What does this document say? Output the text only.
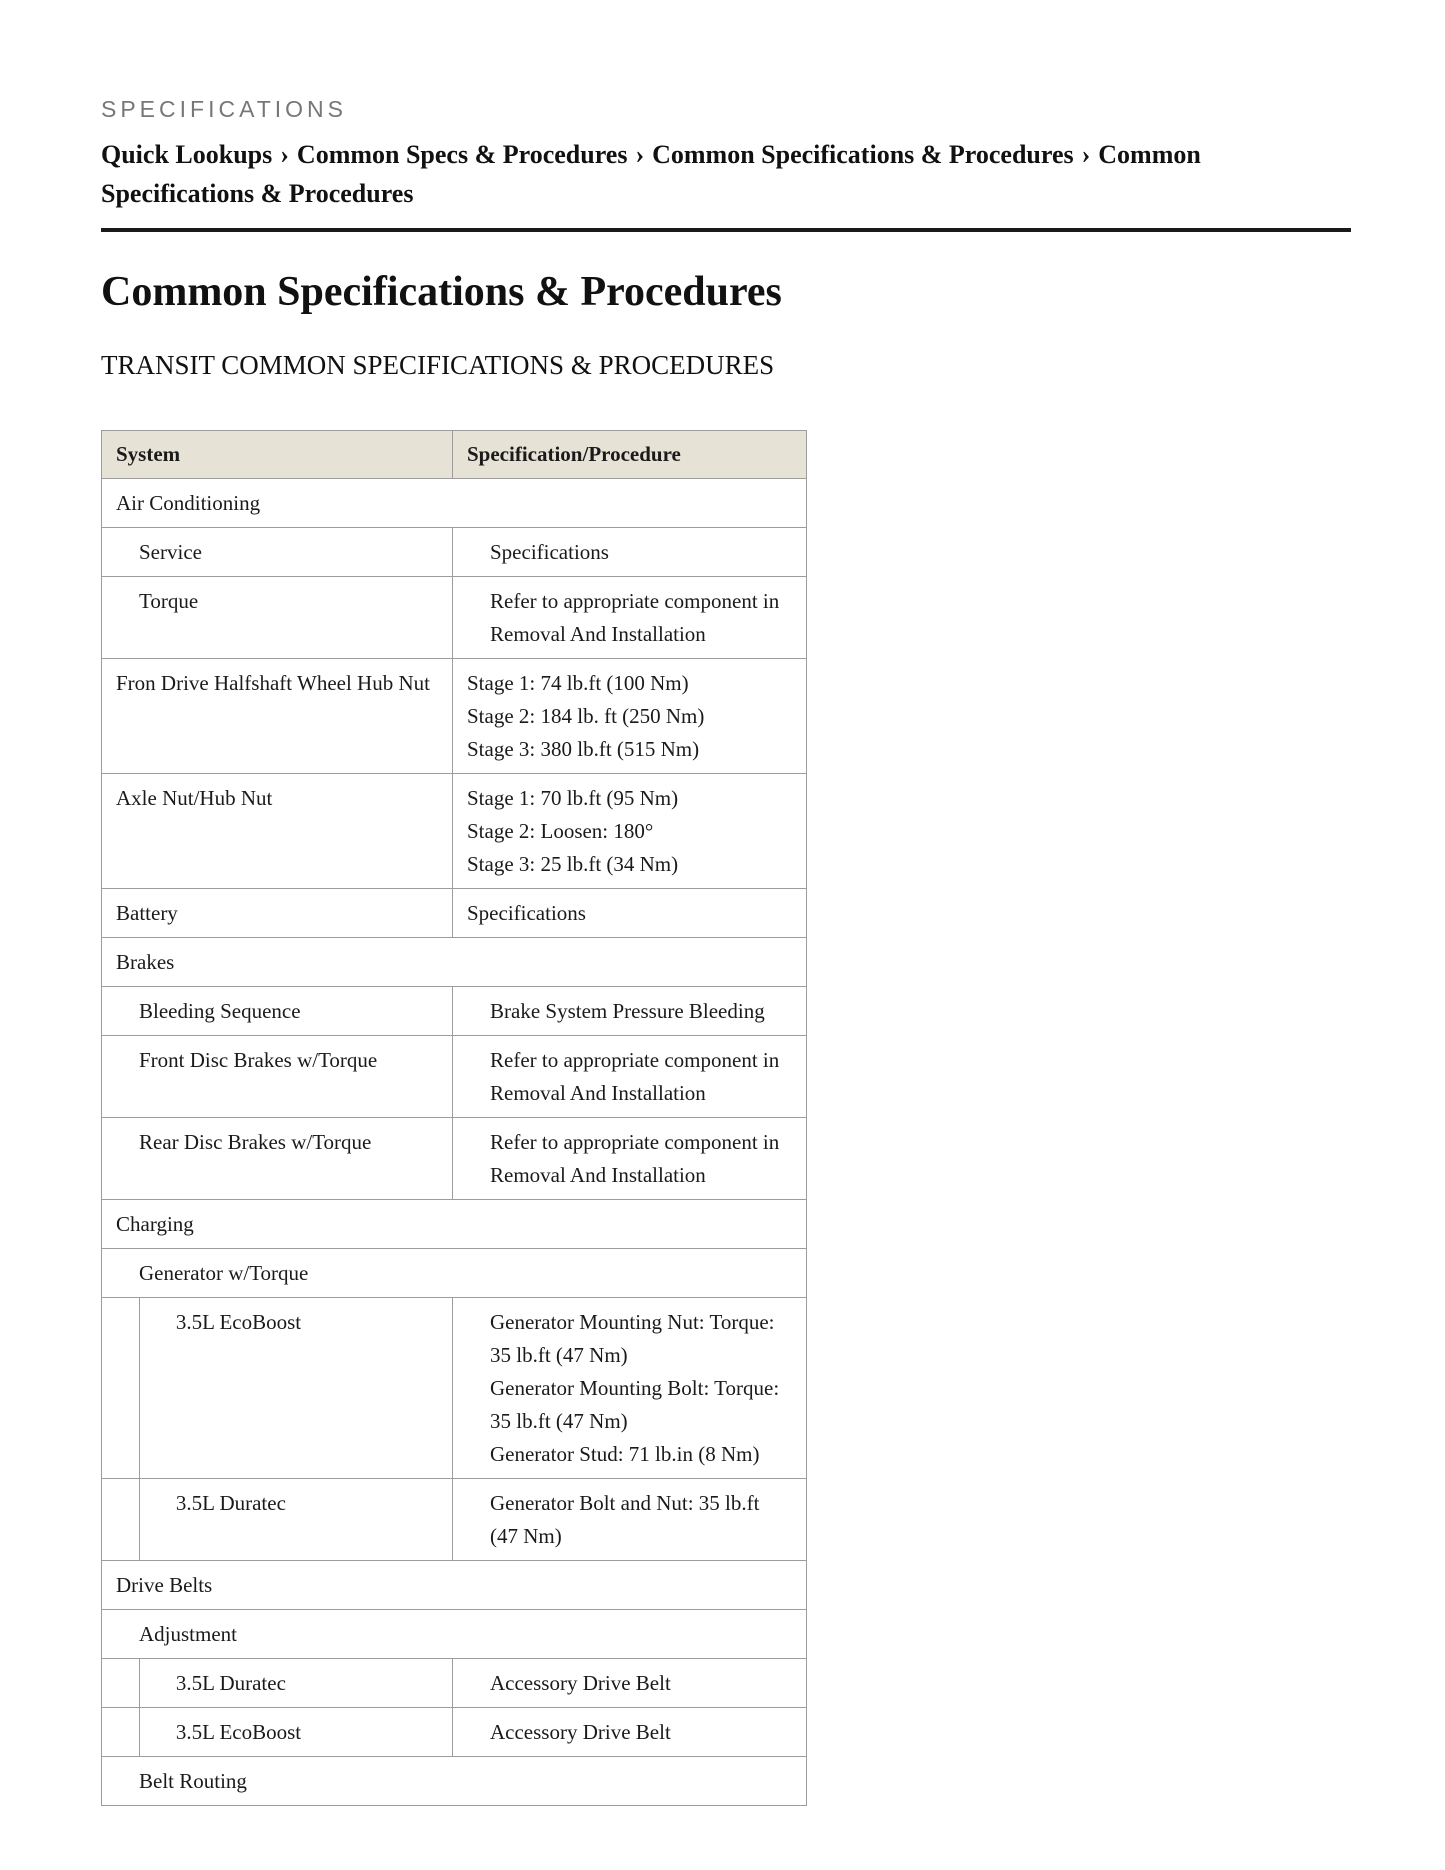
SPECIFICATIONS
Quick Lookups › Common Specs & Procedures › Common Specifications & Procedures › Common Specifications & Procedures
Common Specifications & Procedures
TRANSIT COMMON SPECIFICATIONS & PROCEDURES
System		Specification/Procedure
Air Conditioning		
Service		Specifications
Torque		Refer to appropriate component in
Removal And Installation

Fron Drive Halfshaft Wheel Hub Nut		Stage 1: 74 lb.ft (100 Nm)
Stage 2: 184 lb. ft (250 Nm)
Stage 3: 380 lb.ft (515 Nm)

Axle Nut/Hub Nut		Stage 1: 70 lb.ft (95 Nm)
Stage 2: Loosen: 180°
Stage 3: 25 lb.ft (34 Nm)

Battery		Specifications
Brakes		
Bleeding Sequence		Brake System Pressure Bleeding
Front Disc Brakes w/Torque		Refer to appropriate component in
Removal And Installation

Rear Disc Brakes w/Torque		Refer to appropriate component in
Removal And Installation

Charging		
Generator w/Torque		
	3.5L EcoBoost	Generator Mounting Nut: Torque:
35 lb.ft (47 Nm)
Generator Mounting Bolt: Torque:
35 lb.ft (47 Nm)
Generator Stud: 71 lb.in (8 Nm)

	3.5L Duratec	Generator Bolt and Nut: 35 lb.ft
(47 Nm)

Drive Belts		
Adjustment		
	3.5L Duratec	Accessory Drive Belt
	3.5L EcoBoost	Accessory Drive Belt
Belt Routing		
